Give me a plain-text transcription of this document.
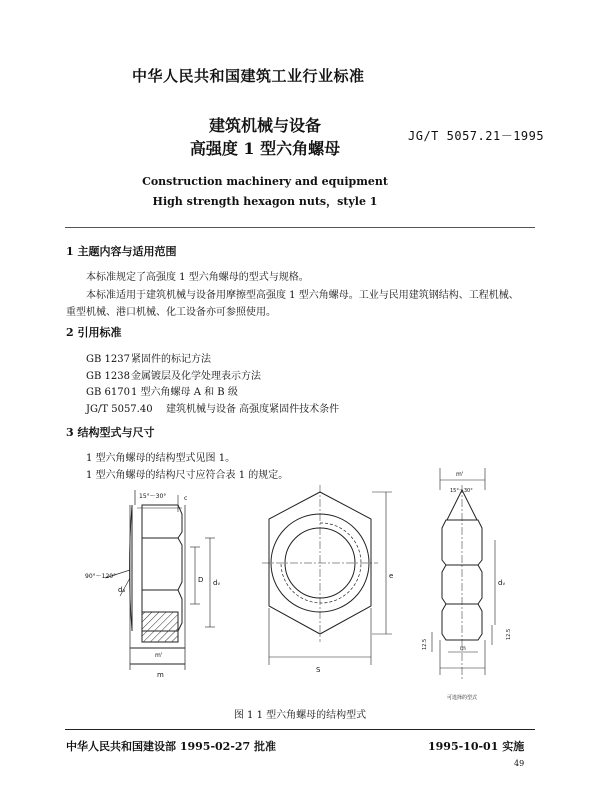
中华人民共和国建筑工业行业标准
建筑机械与设备
高强度 1 型六角螺母
JG/T 5057.21－1995
Construction machinery and equipment
High strength hexagon nuts，style 1
1 主题内容与适用范围
本标准规定了高强度 1 型六角螺母的型式与规格。
本标准适用于建筑机械与设备用摩擦型高强度 1 型六角螺母。工业与民用建筑钢结构、工程机械、
重型机械、港口机械、化工设备亦可参照使用。
2 引用标准
GB 1237紧固件的标记方法
GB 1238金属镀层及化学处理表示方法
GB 61701 型六角螺母 A 和 B 级
JG/T 5057.40 建筑机械与设备 高强度紧固件技术条件
3 结构型式与尺寸
1 型六角螺母的结构型式见图 1。
1 型六角螺母的结构尺寸应符合表 1 的规定。
15°～30°	c
90°～120°
dₐ
D dᵥ
m'
m
S
e
m'
15°～30°
dᵥ
m
12.5
12.5
可选择的型式
图 1 1 型六角螺母的结构型式
中华人民共和国建设部 1995-02-27 批准	1995-10-01 实施
49
